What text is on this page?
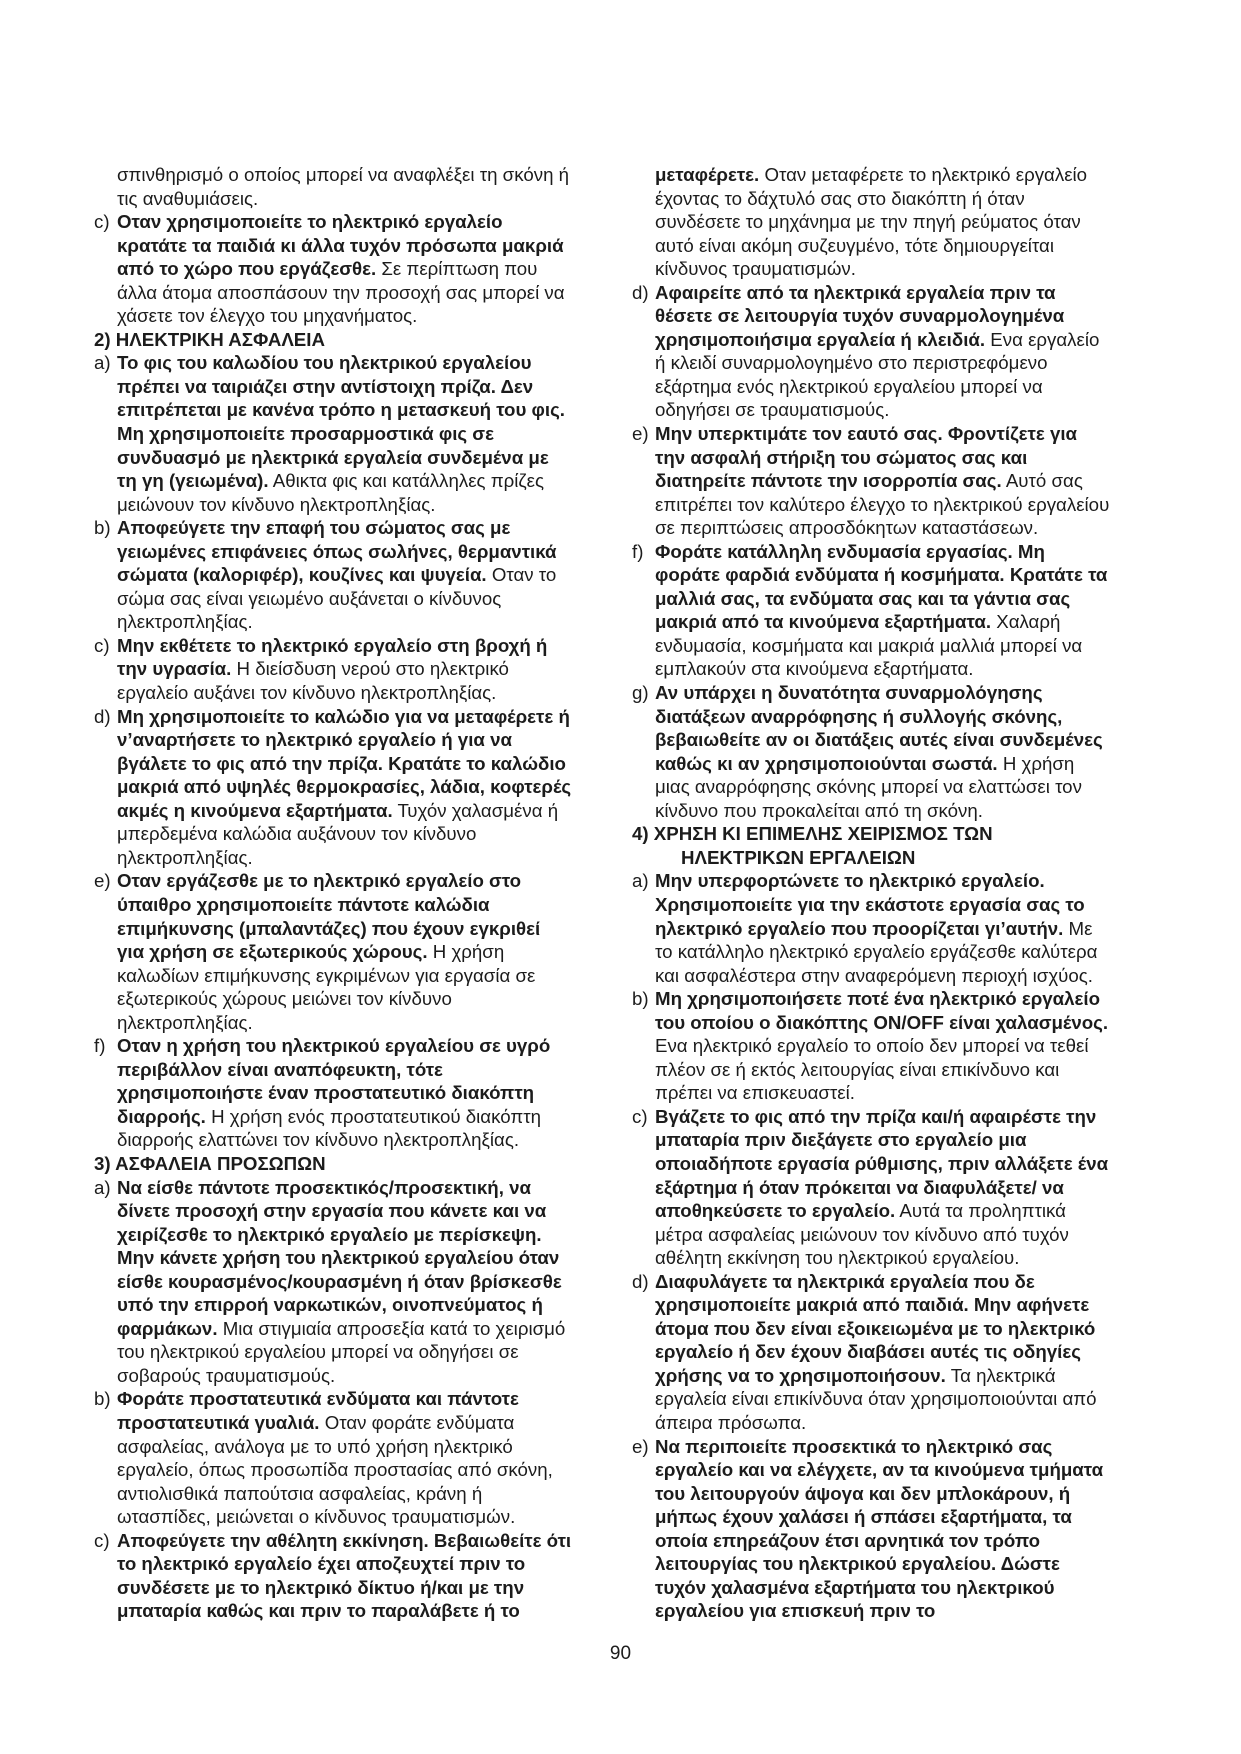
σπινθηρισμό ο οποίος μπορεί να αναφλέξει τη σκόνη ή τις αναθυμιάσεις.
c) Οταν χρησιμοποιείτε το ηλεκτρικό εργαλείο κρατάτε τα παιδιά κι άλλα τυχόν πρόσωπα μακριά από το χώρο που εργάζεσθε. Σε περίπτωση που άλλα άτομα αποσπάσουν την προσοχή σας μπορεί να χάσετε τον έλεγχο του μηχανήματος.
2) ΗΛΕΚΤΡΙΚΗ ΑΣΦΑΛΕΙΑ
a) Το φις του καλωδίου του ηλεκτρικού εργαλείου πρέπει να ταιριάζει στην αντίστοιχη πρίζα. Δεν επιτρέπεται με κανένα τρόπο η μετασκευή του φις. Μη χρησιμοποιείτε προσαρμοστικά φις σε συνδυασμό με ηλεκτρικά εργαλεία συνδεμένα με τη γη (γειωμένα). Αθικτα φις και κατάλληλες πρίζες μειώνουν τον κίνδυνο ηλεκτροπληξίας.
b) Αποφεύγετε την επαφή του σώματος σας με γειωμένες επιφάνειες όπως σωλήνες, θερμαντικά σώματα (καλοριφέρ), κουζίνες και ψυγεία. Οταν το σώμα σας είναι γειωμένο αυξάνεται ο κίνδυνος ηλεκτροπληξίας.
c) Μην εκθέτετε το ηλεκτρικό εργαλείο στη βροχή ή την υγρασία. Η διείσδυση νερού στο ηλεκτρικό εργαλείο αυξάνει τον κίνδυνο ηλεκτροπληξίας.
d) Μη χρησιμοποιείτε το καλώδιο για να μεταφέρετε ή ν’αναρτήσετε το ηλεκτρικό εργαλείο ή για να βγάλετε το φις από την πρίζα. Κρατάτε το καλώδιο μακριά από υψηλές θερμοκρασίες, λάδια, κοφτερές ακμές η κινούμενα εξαρτήματα. Τυχόν χαλασμένα ή μπερδεμένα καλώδια αυξάνουν τον κίνδυνο ηλεκτροπληξίας.
e) Οταν εργάζεσθε με το ηλεκτρικό εργαλείο στο ύπαιθρο χρησιμοποιείτε πάντοτε καλώδια επιμήκυνσης (μπαλαντάζες) που έχουν εγκριθεί για χρήση σε εξωτερικούς χώρους. Η χρήση καλωδίων επιμήκυνσης εγκριμένων για εργασία σε εξωτερικούς χώρους μειώνει τον κίνδυνο ηλεκτροπληξίας.
f) Οταν η χρήση του ηλεκτρικού εργαλείου σε υγρό περιβάλλον είναι αναπόφευκτη, τότε χρησιμοποιήστε έναν προστατευτικό διακόπτη διαρροής. Η χρήση ενός προστατευτικού διακόπτη διαρροής ελαττώνει τον κίνδυνο ηλεκτροπληξίας.
3) ΑΣΦΑΛΕΙΑ ΠΡΟΣΩΠΩΝ
a) Να είσθε πάντοτε προσεκτικός/προσεκτική, να δίνετε προσοχή στην εργασία που κάνετε και να χειρίζεσθε το ηλεκτρικό εργαλείο με περίσκεψη. Μην κάνετε χρήση του ηλεκτρικού εργαλείου όταν είσθε κουρασμένος/κουρασμένη ή όταν βρίσκεσθε υπό την επιρροή ναρκωτικών, οινοπνεύματος ή φαρμάκων. Μια στιγμιαία απροσεξία κατά το χειρισμό του ηλεκτρικού εργαλείου μπορεί να οδηγήσει σε σοβαρούς τραυματισμούς.
b) Φοράτε προστατευτικά ενδύματα και πάντοτε προστατευτικά γυαλιά. Οταν φοράτε ενδύματα ασφαλείας, ανάλογα με το υπό χρήση ηλεκτρικό εργαλείο, όπως προσωπίδα προστασίας από σκόνη, αντιολισθικά παπούτσια ασφαλείας, κράνη ή ωτασπίδες, μειώνεται ο κίνδυνος τραυματισμών.
c) Αποφεύγετε την αθέλητη εκκίνηση. Βεβαιωθείτε ότι το ηλεκτρικό εργαλείο έχει αποζευχτεί πριν το συνδέσετε με το ηλεκτρικό δίκτυο ή/και με την μπαταρία καθώς και πριν το παραλάβετε ή το
μεταφέρετε. Οταν μεταφέρετε το ηλεκτρικό εργαλείο έχοντας το δάχτυλό σας στο διακόπτη ή όταν συνδέσετε το μηχάνημα με την πηγή ρεύματος όταν αυτό είναι ακόμη συζευγμένο, τότε δημιουργείται κίνδυνος τραυματισμών.
d) Αφαιρείτε από τα ηλεκτρικά εργαλεία πριν τα θέσετε σε λειτουργία τυχόν συναρμολογημένα χρησιμοποιήσιμα εργαλεία ή κλειδιά. Ενα εργαλείο ή κλειδί συναρμολογημένο στο περιστρεφόμενο εξάρτημα ενός ηλεκτρικού εργαλείου μπορεί να οδηγήσει σε τραυματισμούς.
e) Μην υπερκτιμάτε τον εαυτό σας. Φροντίζετε για την ασφαλή στήριξη του σώματος σας και διατηρείτε πάντοτε την ισορροπία σας. Αυτό σας επιτρέπει τον καλύτερο έλεγχο το ηλεκτρικού εργαλείου σε περιπτώσεις απροσδόκητων καταστάσεων.
f) Φοράτε κατάλληλη ενδυμασία εργασίας. Μη φοράτε φαρδιά ενδύματα ή κοσμήματα. Κρατάτε τα μαλλιά σας, τα ενδύματα σας και τα γάντια σας μακριά από τα κινούμενα εξαρτήματα. Χαλαρή ενδυμασία, κοσμήματα και μακριά μαλλιά μπορεί να εμπλακούν στα κινούμενα εξαρτήματα.
g) Αν υπάρχει η δυνατότητα συναρμολόγησης διατάξεων αναρρόφησης ή συλλογής σκόνης, βεβαιωθείτε αν οι διατάξεις αυτές είναι συνδεμένες καθώς κι αν χρησιμοποιούνται σωστά. Η χρήση μιας αναρρόφησης σκόνης μπορεί να ελαττώσει τον κίνδυνο που προκαλείται από τη σκόνη.
4) ΧΡΗΣΗ ΚΙ ΕΠΙΜΕΛΗΣ ΧΕΙΡΙΣΜΟΣ ΤΩΝ
ΗΛΕΚΤΡΙΚΩΝ ΕΡΓΑΛΕΙΩΝ
a) Μην υπερφορτώνετε το ηλεκτρικό εργαλείο. Χρησιμοποιείτε για την εκάστοτε εργασία σας το ηλεκτρικό εργαλείο που προορίζεται γι’αυτήν. Με το κατάλληλο ηλεκτρικό εργαλείο εργάζεσθε καλύτερα και ασφαλέστερα στην αναφερόμενη περιοχή ισχύος.
b) Μη χρησιμοποιήσετε ποτέ ένα ηλεκτρικό εργαλείο του οποίου ο διακόπτης ON/OFF είναι χαλασμένος. Ενα ηλεκτρικό εργαλείο το οποίο δεν μπορεί να τεθεί πλέον σε ή εκτός λειτουργίας είναι επικίνδυνο και πρέπει να επισκευαστεί.
c) Βγάζετε το φις από την πρίζα και/ή αφαιρέστε την μπαταρία πριν διεξάγετε στο εργαλείο μια οποιαδήποτε εργασία ρύθμισης, πριν αλλάξετε ένα εξάρτημα ή όταν πρόκειται να διαφυλάξετε/ να αποθηκεύσετε το εργαλείο. Αυτά τα προληπτικά μέτρα ασφαλείας μειώνουν τον κίνδυνο από τυχόν αθέλητη εκκίνηση του ηλεκτρικού εργαλείου.
d) Διαφυλάγετε τα ηλεκτρικά εργαλεία που δε χρησιμοποιείτε μακριά από παιδιά. Μην αφήνετε άτομα που δεν είναι εξοικειωμένα με το ηλεκτρικό εργαλείο ή δεν έχουν διαβάσει αυτές τις οδηγίες χρήσης να το χρησιμοποιήσουν. Τα ηλεκτρικά εργαλεία είναι επικίνδυνα όταν χρησιμοποιούνται από άπειρα πρόσωπα.
e) Να περιποιείτε προσεκτικά το ηλεκτρικό σας εργαλείο και να ελέγχετε, αν τα κινούμενα τμήματα του λειτουργούν άψογα και δεν μπλοκάρουν, ή μήπως έχουν χαλάσει ή σπάσει εξαρτήματα, τα οποία επηρεάζουν έτσι αρνητικά τον τρόπο λειτουργίας του ηλεκτρικού εργαλείου. Δώστε τυχόν χαλασμένα εξαρτήματα του ηλεκτρικού εργαλείου για επισκευή πριν το
90
